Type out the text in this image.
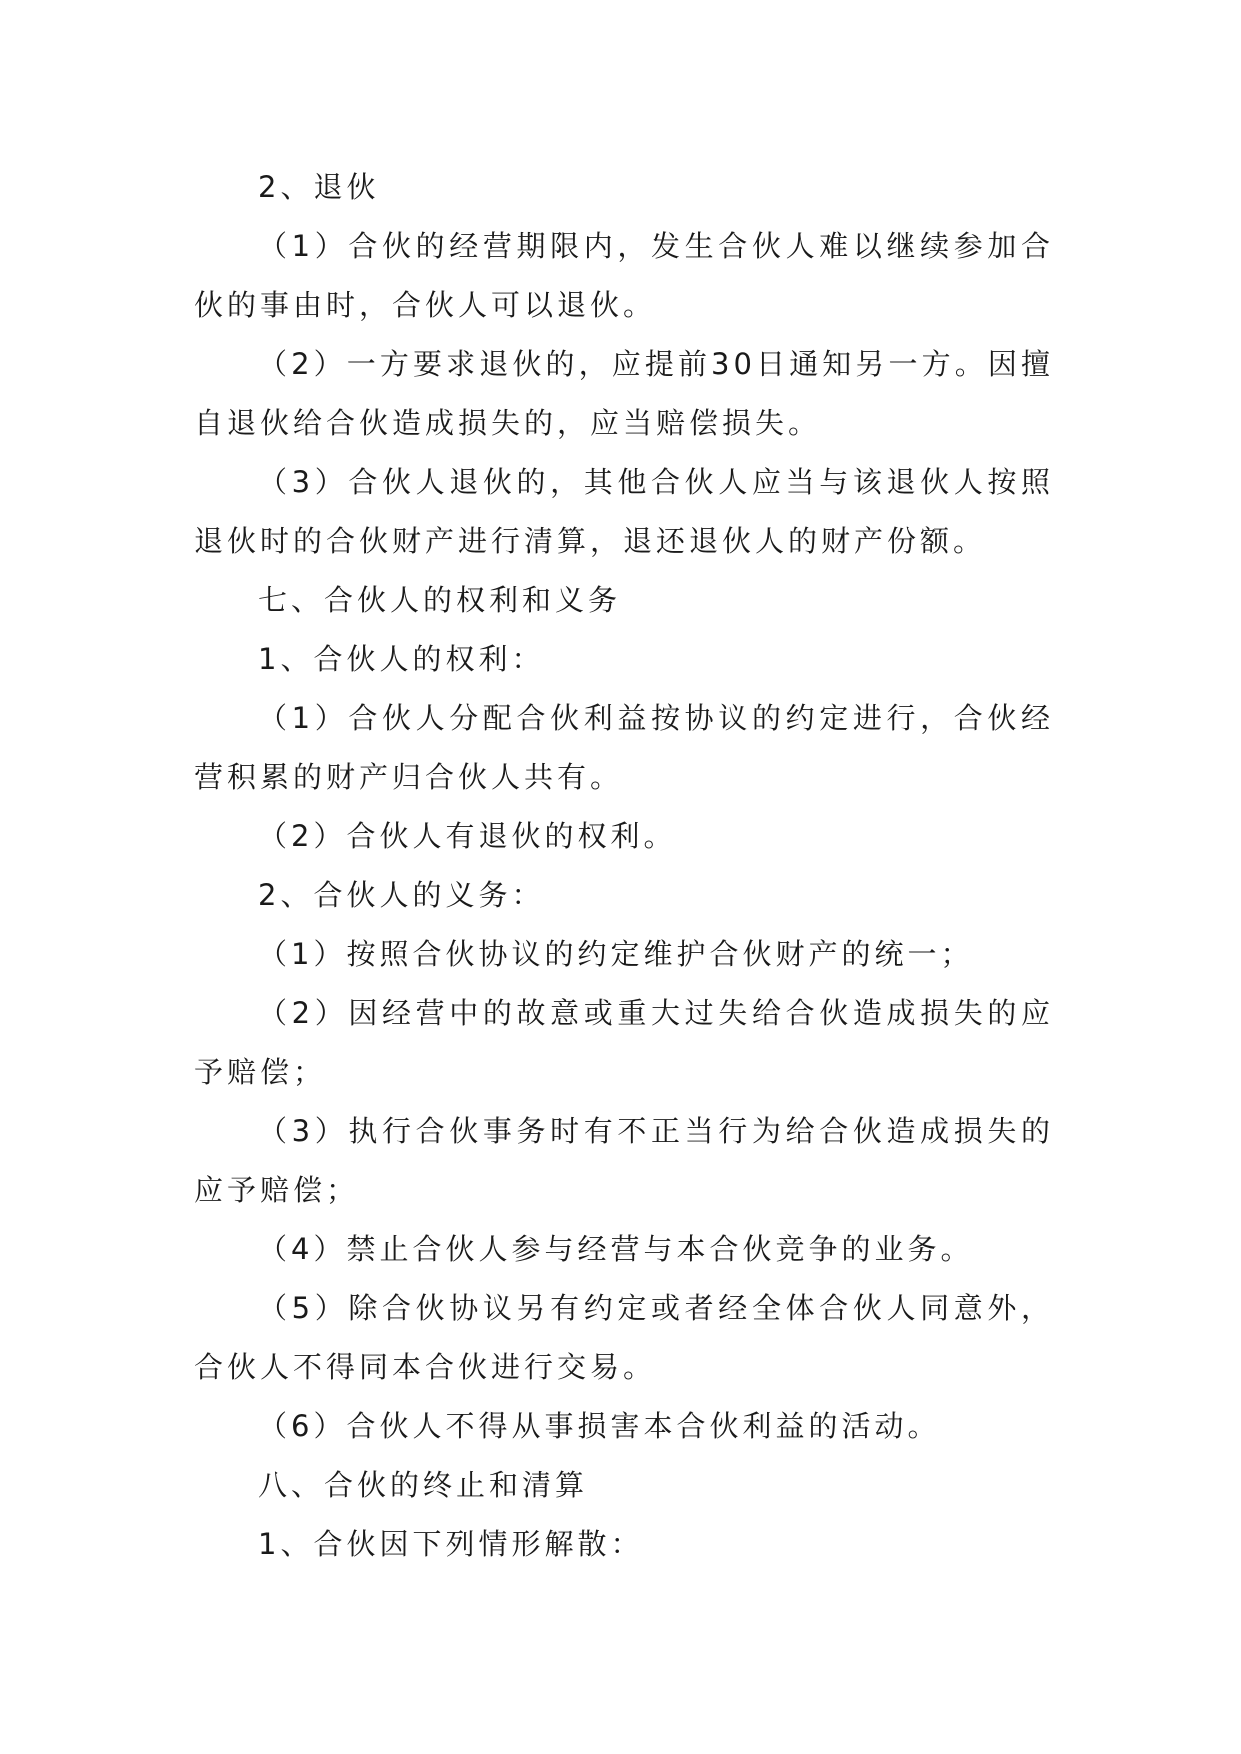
2、退伙

（1）合伙的经营期限内，发生合伙人难以继续参加合伙的事由时，合伙人可以退伙。

（2）一方要求退伙的，应提前30日通知另一方。因擅自退伙给合伙造成损失的，应当赔偿损失。

（3）合伙人退伙的，其他合伙人应当与该退伙人按照退伙时的合伙财产进行清算，退还退伙人的财产份额。

七、合伙人的权利和义务

1、合伙人的权利：

（1）合伙人分配合伙利益按协议的约定进行，合伙经营积累的财产归合伙人共有。

（2）合伙人有退伙的权利。

2、合伙人的义务：

（1）按照合伙协议的约定维护合伙财产的统一；

（2）因经营中的故意或重大过失给合伙造成损失的应予赔偿；

（3）执行合伙事务时有不正当行为给合伙造成损失的应予赔偿；

（4）禁止合伙人参与经营与本合伙竞争的业务。

（5）除合伙协议另有约定或者经全体合伙人同意外，合伙人不得同本合伙进行交易。

（6）合伙人不得从事损害本合伙利益的活动。

八、合伙的终止和清算

1、合伙因下列情形解散：
